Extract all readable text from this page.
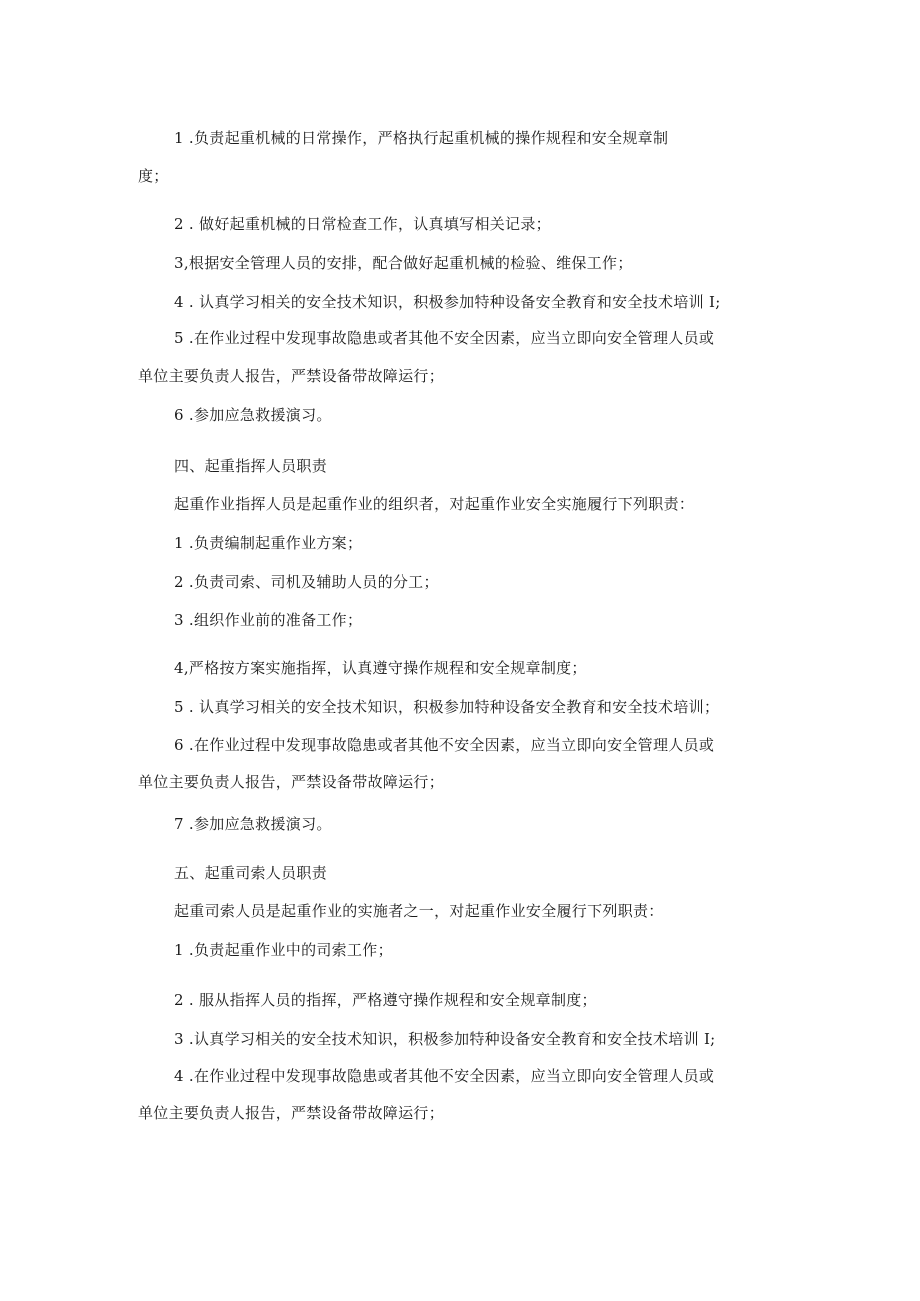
1 .负责起重机械的日常操作，严格执行起重机械的操作规程和安全规章制
度；
2 . 做好起重机械的日常检查工作，认真填写相关记录；
3,根据安全管理人员的安排，配合做好起重机械的检验、维保工作；
4 . 认真学习相关的安全技术知识，积极参加特种设备安全教育和安全技术培训 I;
5 .在作业过程中发现事故隐患或者其他不安全因素，应当立即向安全管理人员或
单位主要负责人报告，严禁设备带故障运行；
6 .参加应急救援演习。
四、起重指挥人员职责
起重作业指挥人员是起重作业的组织者，对起重作业安全实施履行下列职责：
1 .负责编制起重作业方案；
2 .负责司索、司机及辅助人员的分工；
3 .组织作业前的准备工作；
4,严格按方案实施指挥，认真遵守操作规程和安全规章制度；
5 . 认真学习相关的安全技术知识，积极参加特种设备安全教育和安全技术培训；
6 .在作业过程中发现事故隐患或者其他不安全因素，应当立即向安全管理人员或
单位主要负责人报告，严禁设备带故障运行；
7 .参加应急救援演习。
五、起重司索人员职责
起重司索人员是起重作业的实施者之一，对起重作业安全履行下列职责：
1 .负责起重作业中的司索工作；
2 . 服从指挥人员的指挥，严格遵守操作规程和安全规章制度；
3 .认真学习相关的安全技术知识，积极参加特种设备安全教育和安全技术培训 I;
4 .在作业过程中发现事故隐患或者其他不安全因素，应当立即向安全管理人员或
单位主要负责人报告，严禁设备带故障运行；
